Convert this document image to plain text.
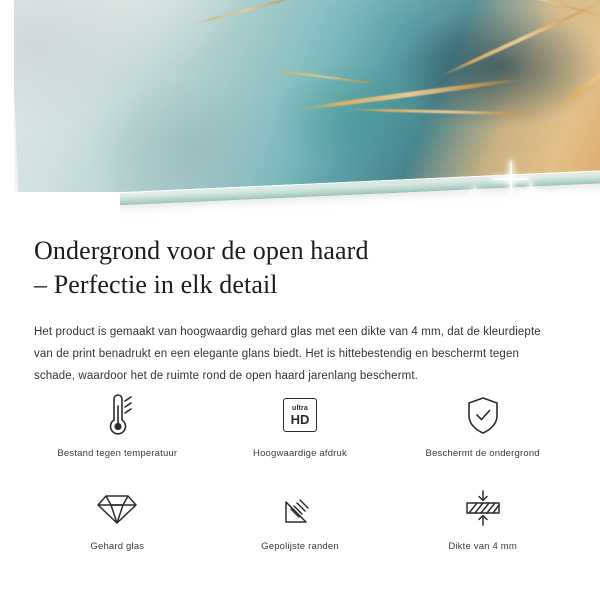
Ondergrond voor de open haard
– Perfectie in elk detail

Het product is gemaakt van hoogwaardig gehard glas met een dikte van 4 mm, dat de kleurdiepte van de print benadrukt en een elegante glans biedt. Het is hittebestendig en beschermt tegen schade, waardoor het de ruimte rond de open haard jarenlang beschermt.

Bestand tegen temperatuur
ultra
HD
Hoogwaardige afdruk	Beschermt de ondergrond
Gehard glas	Gepolijste randen	Dikte van 4 mm
